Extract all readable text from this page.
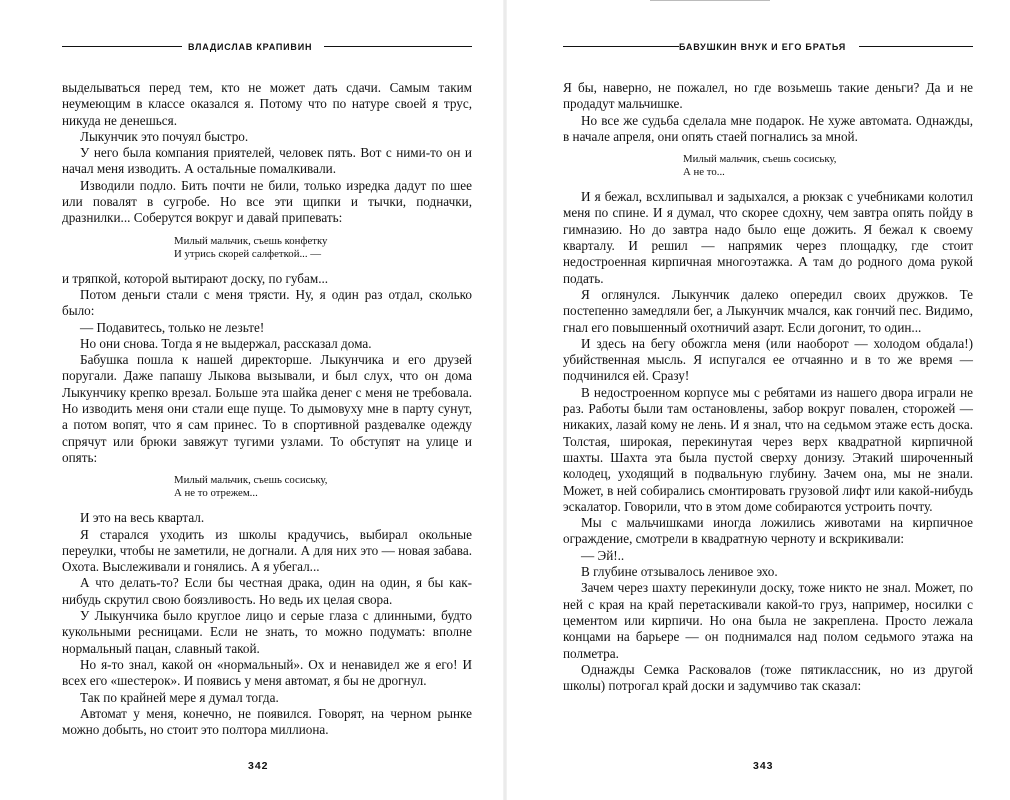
ВЛАДИСЛАВ КРАПИВИН

выделываться перед тем, кто не может дать сдачи. Самым таким неумеющим в классе оказался я. Потому что по натуре своей я трус, никуда не денешься.

Лыкунчик это почуял быстро.

У него была компания приятелей, человек пять. Вот с ними-то он и начал меня изводить. А остальные помалкивали.

Изводили подло. Бить почти не били, только изредка дадут по шее или повалят в сугробе. Но все эти щипки и тычки, подначки, дразнилки... Соберутся вокруг и давай припевать:

Милый мальчик, съешь конфетку
И утрись скорей салфеткой... —

и тряпкой, которой вытирают доску, по губам...

Потом деньги стали с меня трясти. Ну, я один раз отдал, сколько было:

— Подавитесь, только не лезьте!

Но они снова. Тогда я не выдержал, рассказал дома.

Бабушка пошла к нашей директорше. Лыкунчика и его друзей поругали. Даже папашу Лыкова вызывали, и был слух, что он дома Лыкунчику крепко врезал. Больше эта шайка денег с меня не требовала. Но изводить меня они стали еще пуще. То дымовуху мне в парту сунут, а потом вопят, что я сам принес. То в спортивной раздевалке одежду спрячут или брюки завяжут тугими узлами. То обступят на улице и опять:

Милый мальчик, съешь сосиську,
А не то отрежем...

И это на весь квартал.

Я старался уходить из школы крадучись, выбирал окольные переулки, чтобы не заметили, не догнали. А для них это — новая забава. Охота. Выслеживали и гонялись. А я убегал...

А что делать-то? Если бы честная драка, один на один, я бы как-нибудь скрутил свою боязливость. Но ведь их целая свора.

У Лыкунчика было круглое лицо и серые глаза с длинными, будто кукольными ресницами. Если не знать, то можно подумать: вполне нормальный пацан, славный такой.

Но я-то знал, какой он «нормальный». Ох и ненавидел же я его! И всех его «шестерок». И появись у меня автомат, я бы не дрогнул.

Так по крайней мере я думал тогда.

Автомат у меня, конечно, не появился. Говорят, на черном рынке можно добыть, но стоит это полтора миллиона.

342
БАВУШКИН ВНУК И ЕГО БРАТЬЯ

Я бы, наверно, не пожалел, но где возьмешь такие деньги? Да и не продадут мальчишке.

Но все же судьба сделала мне подарок. Не хуже автомата. Однажды, в начале апреля, они опять стаей погнались за мной.

Милый мальчик, съешь сосиську,
А не то...

И я бежал, всхлипывал и задыхался, а рюкзак с учебниками колотил меня по спине. И я думал, что скорее сдохну, чем завтра опять пойду в гимназию. Но до завтра надо было еще дожить. Я бежал к своему кварталу. И решил — напрямик через площадку, где стоит недостроенная кирпичная многоэтажка. А там до родного дома рукой подать.

Я оглянулся. Лыкунчик далеко опередил своих дружков. Те постепенно замедляли бег, а Лыкунчик мчался, как гончий пес. Видимо, гнал его повышенный охотничий азарт. Если догонит, то один...

И здесь на бегу обожгла меня (или наоборот — холодом обдала!) убийственная мысль. Я испугался ее отчаянно и в то же время — подчинился ей. Сразу!

В недостроенном корпусе мы с ребятами из нашего двора играли не раз. Работы были там остановлены, забор вокруг повален, сторожей — никаких, лазай кому не лень. И я знал, что на седьмом этаже есть доска. Толстая, широкая, перекинутая через верх квадратной кирпичной шахты. Шахта эта была пустой сверху донизу. Этакий широченный колодец, уходящий в подвальную глубину. Зачем она, мы не знали. Может, в ней собирались смонтировать грузовой лифт или какой-нибудь эскалатор. Говорили, что в этом доме собираются устроить почту.

Мы с мальчишками иногда ложились животами на кирпичное ограждение, смотрели в квадратную черноту и вскрикивали:

— Эй!..

В глубине отзывалось ленивое эхо.

Зачем через шахту перекинули доску, тоже никто не знал. Может, по ней с края на край перетаскивали какой-то груз, например, носилки с цементом или кирпичи. Но она была не закреплена. Просто лежала концами на барьере — он поднимался над полом седьмого этажа на полметра.

Однажды Семка Расковалов (тоже пятиклассник, но из другой школы) потрогал край доски и задумчиво так сказал:

343
